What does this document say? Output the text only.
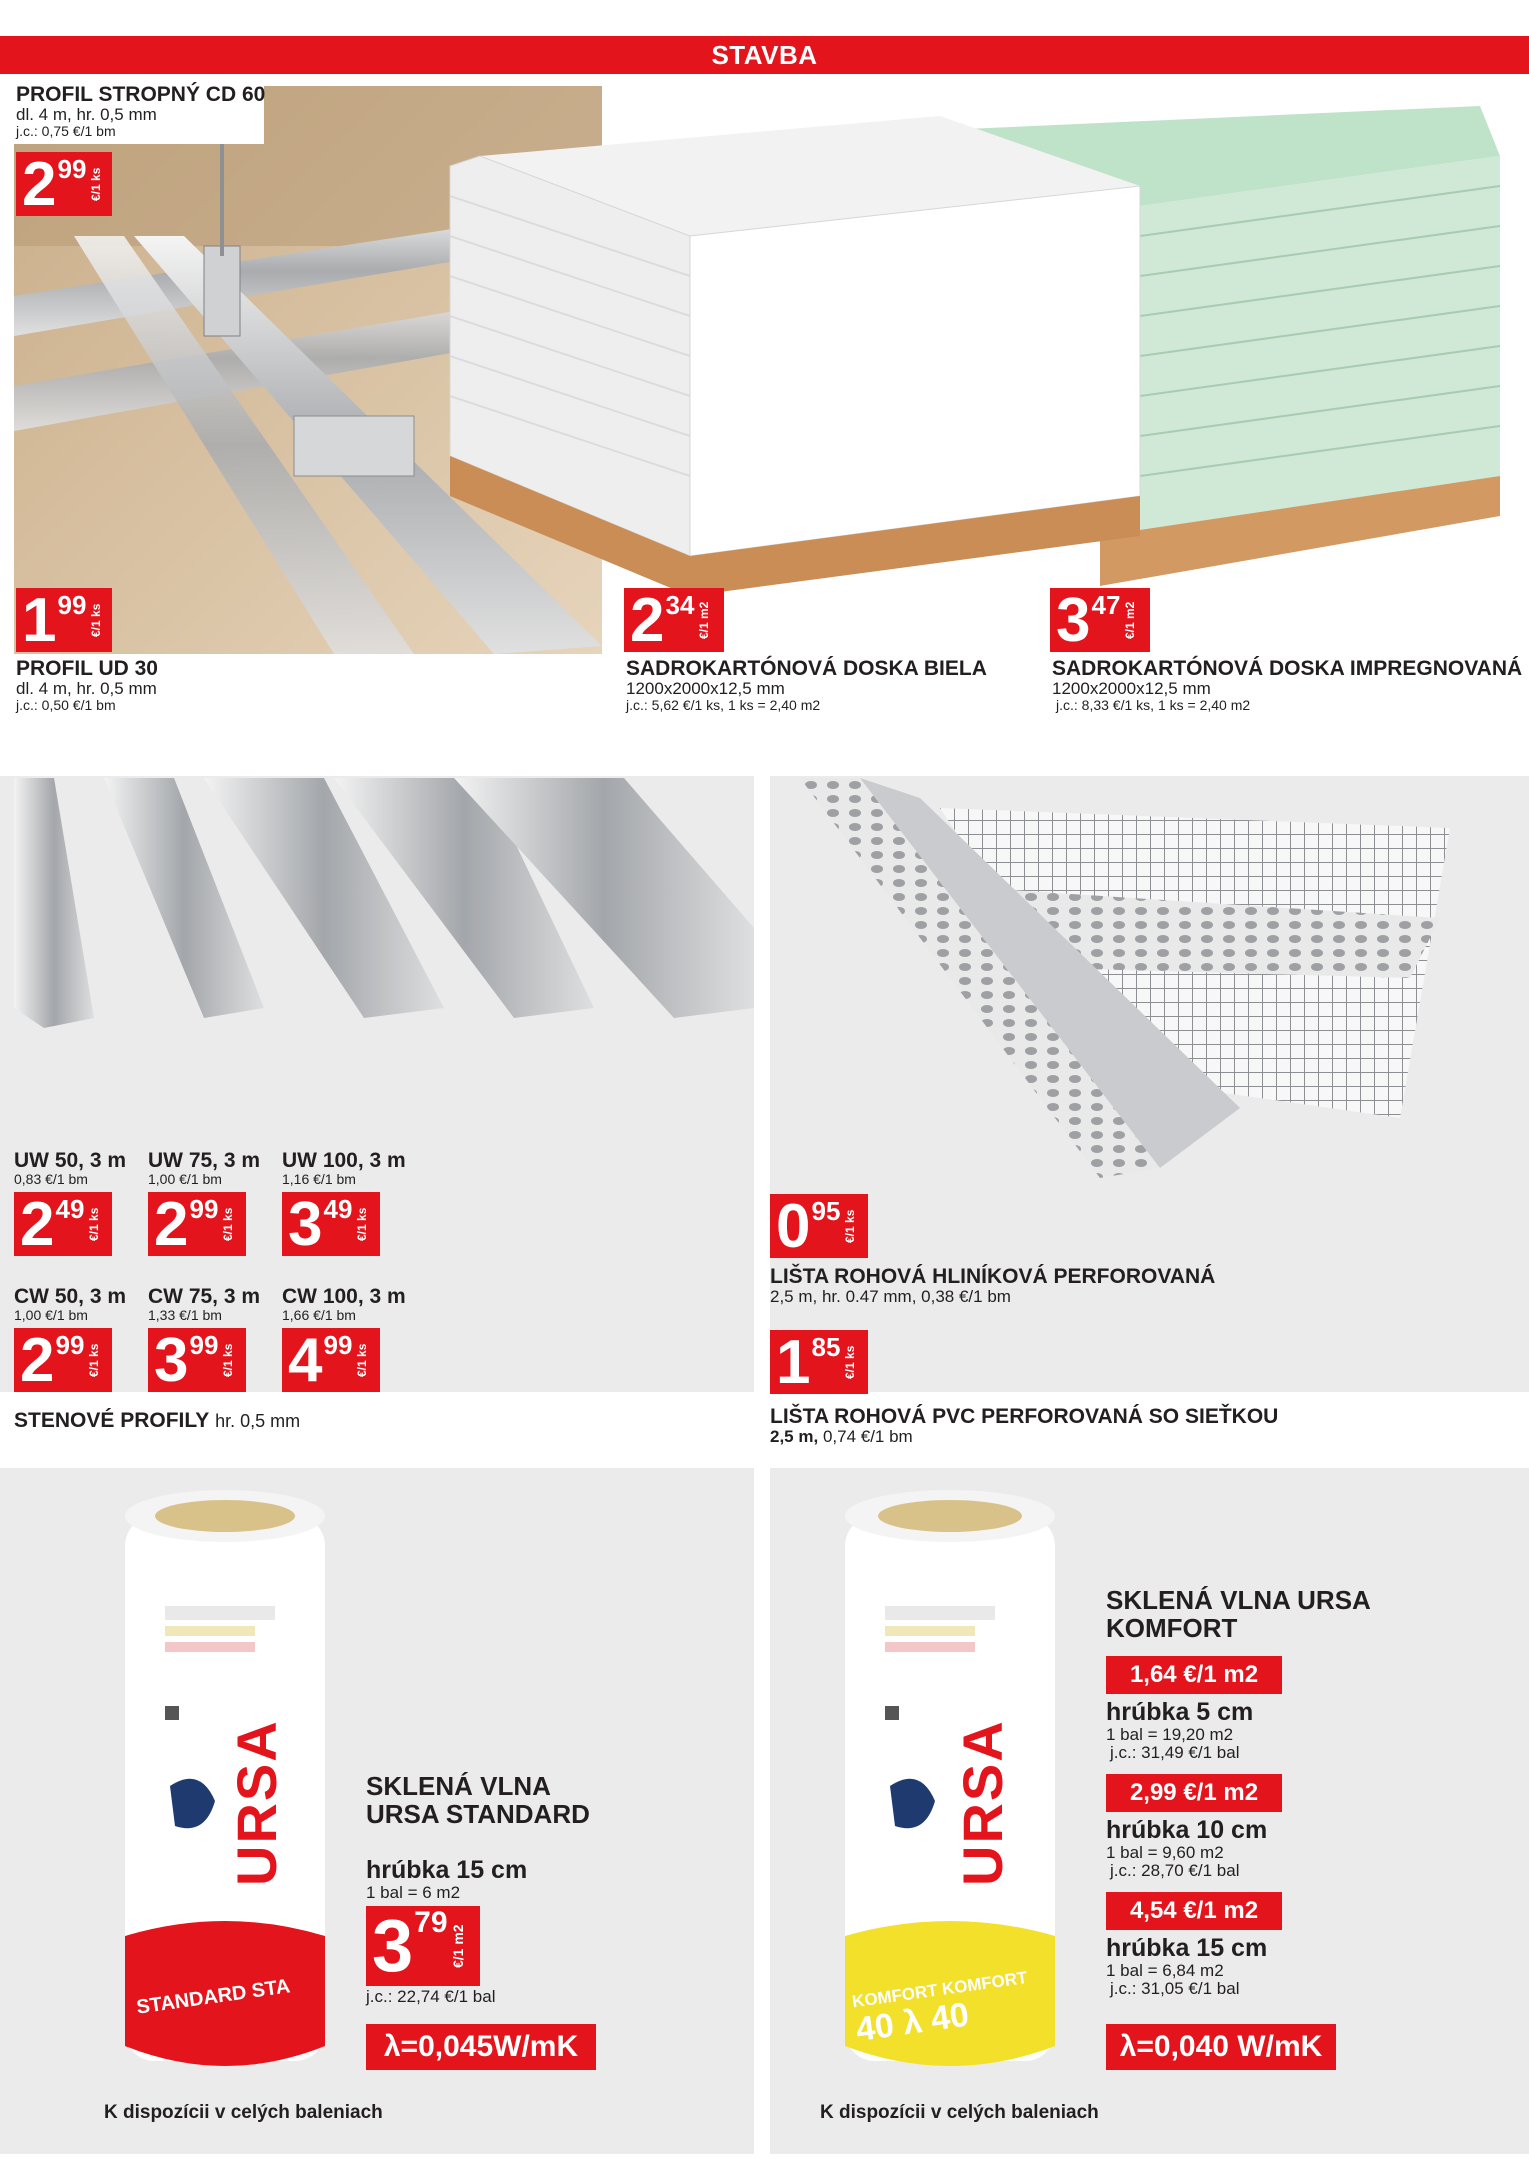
STAVBA
PROFIL STROPNÝ CD 60
dl. 4 m, hr. 0,5 mm
j.c.: 0,75 €/1 bm
2 99 €/1 ks
1 99 €/1 ks
PROFIL UD 30
dl. 4 m, hr. 0,5 mm
j.c.: 0,50 €/1 bm
2 34 €/1 m2
SADROKARTÓNOVÁ DOSKA BIELA
1200x2000x12,5 mm
j.c.: 5,62 €/1 ks, 1 ks = 2,40 m2
3 47 €/1 m2
SADROKARTÓNOVÁ DOSKA IMPREGNOVANÁ
1200x2000x12,5 mm
j.c.: 8,33 €/1 ks, 1 ks = 2,40 m2
UW 50, 3 m
0,83 €/1 bm
2 49 €/1 ks
UW 75, 3 m
1,00 €/1 bm
2 99 €/1 ks
UW 100, 3 m
1,16 €/1 bm
3 49 €/1 ks
CW 50, 3 m
1,00 €/1 bm
2 99 €/1 ks
CW 75, 3 m
1,33 €/1 bm
3 99 €/1 ks
CW 100, 3 m
1,66 €/1 bm
4 99 €/1 ks
STENOVÉ PROFILY hr. 0,5 mm
0 95 €/1 ks
LIŠTA ROHOVÁ HLINÍKOVÁ PERFOROVANÁ
2,5 m, hr. 0.47 mm, 0,38 €/1 bm
1 85 €/1 ks
LIŠTA ROHOVÁ PVC PERFOROVANÁ SO SIEŤKOU
2,5 m, 0,74 €/1 bm
URSA
STANDARD STA
SKLENÁ VLNA
URSA STANDARD
hrúbka 15 cm
1 bal = 6 m2
3 79
€/1 m2
j.c.: 22,74 €/1 bal
λ=0,045W/mK
K dispozícii v celých baleniach
URSA
KOMFORT KOMFORT
40 λ 40
SKLENÁ VLNA URSA
KOMFORT
1,64 €/1 m2
hrúbka 5 cm
1 bal = 19,20 m2
j.c.: 31,49 €/1 bal
2,99 €/1 m2
hrúbka 10 cm
1 bal = 9,60 m2
j.c.: 28,70 €/1 bal
4,54 €/1 m2
hrúbka 15 cm
1 bal = 6,84 m2
j.c.: 31,05 €/1 bal
λ=0,040 W/mK
K dispozícii v celých baleniach
